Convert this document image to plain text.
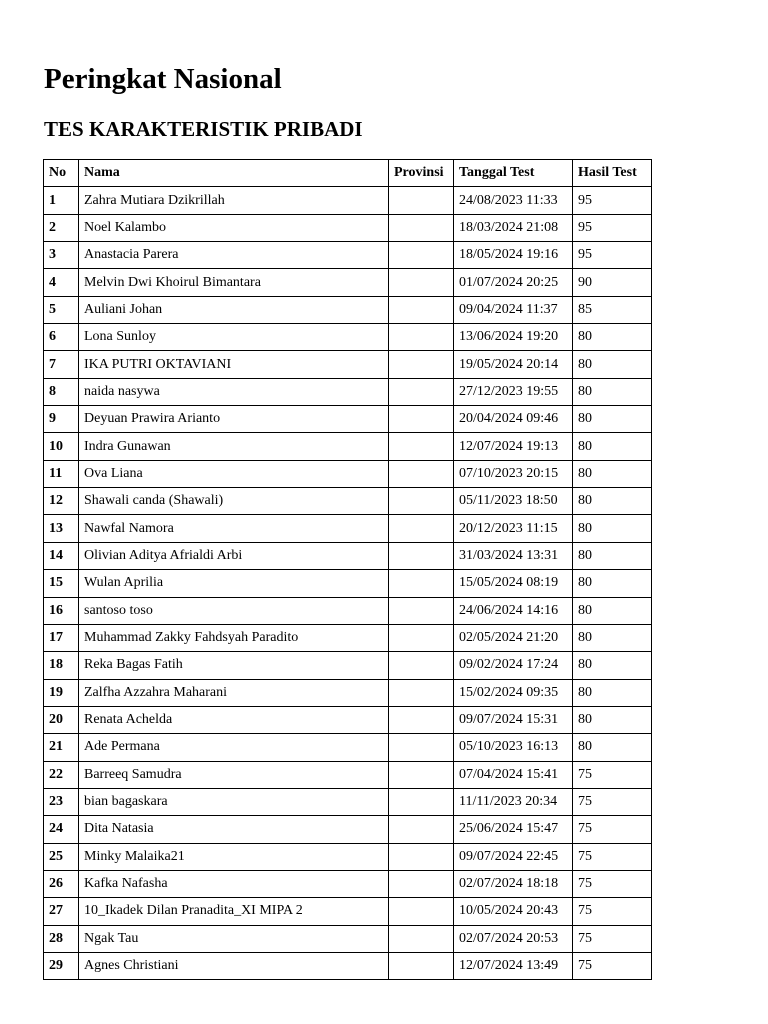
Peringkat Nasional
TES KARAKTERISTIK PRIBADI
No	Nama	Provinsi	Tanggal Test	Hasil Test
1	Zahra Mutiara Dzikrillah		24/08/2023 11:33	95
2	Noel Kalambo		18/03/2024 21:08	95
3	Anastacia Parera		18/05/2024 19:16	95
4	Melvin Dwi Khoirul Bimantara		01/07/2024 20:25	90
5	Auliani Johan		09/04/2024 11:37	85
6	Lona Sunloy		13/06/2024 19:20	80
7	IKA PUTRI OKTAVIANI		19/05/2024 20:14	80
8	naida nasywa		27/12/2023 19:55	80
9	Deyuan Prawira Arianto		20/04/2024 09:46	80
10	Indra Gunawan		12/07/2024 19:13	80
11	Ova Liana		07/10/2023 20:15	80
12	Shawali canda (Shawali)		05/11/2023 18:50	80
13	Nawfal Namora		20/12/2023 11:15	80
14	Olivian Aditya Afrialdi Arbi		31/03/2024 13:31	80
15	Wulan Aprilia		15/05/2024 08:19	80
16	santoso toso		24/06/2024 14:16	80
17	Muhammad Zakky Fahdsyah Paradito		02/05/2024 21:20	80
18	Reka Bagas Fatih		09/02/2024 17:24	80
19	Zalfha Azzahra Maharani		15/02/2024 09:35	80
20	Renata Achelda		09/07/2024 15:31	80
21	Ade Permana		05/10/2023 16:13	80
22	Barreeq Samudra		07/04/2024 15:41	75
23	bian bagaskara		11/11/2023 20:34	75
24	Dita Natasia		25/06/2024 15:47	75
25	Minky Malaika21		09/07/2024 22:45	75
26	Kafka Nafasha		02/07/2024 18:18	75
27	10_Ikadek Dilan Pranadita_XI MIPA 2		10/05/2024 20:43	75
28	Ngak Tau		02/07/2024 20:53	75
29	Agnes Christiani		12/07/2024 13:49	75
